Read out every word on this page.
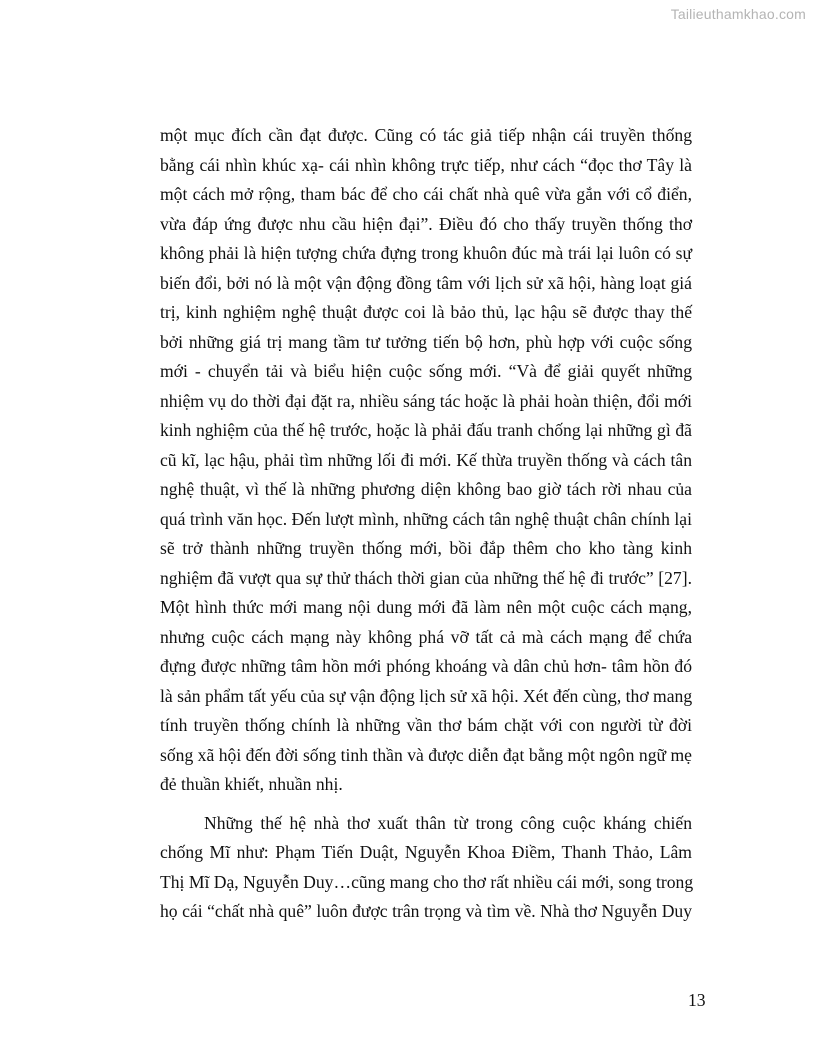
Tailieuthamkhao.com
một mục đích cần đạt được. Cũng có tác giả tiếp nhận cái truyền thống
bằng cái nhìn khúc xạ- cái nhìn không trực tiếp, như cách “đọc thơ Tây là
một cách mở rộng, tham bác để cho cái chất nhà quê vừa gắn với cổ điển,
vừa đáp ứng được nhu cầu hiện đại”. Điều đó cho thấy truyền thống thơ
không phải là hiện tượng chứa đựng trong khuôn đúc mà trái lại luôn có sự
biến đổi, bởi nó là một vận động đồng tâm với lịch sử xã hội, hàng loạt giá
trị, kinh nghiệm nghệ thuật được coi là bảo thủ, lạc hậu sẽ được thay thế
bởi những giá trị mang tầm tư tưởng tiến bộ hơn, phù hợp với cuộc sống
mới - chuyển tải và biểu hiện cuộc sống mới. “Và để giải quyết những
nhiệm vụ do thời đại đặt ra, nhiều sáng tác hoặc là phải hoàn thiện, đổi mới
kinh nghiệm của thế hệ trước, hoặc là phải đấu tranh chống lại những gì đã
cũ kĩ, lạc hậu, phải tìm những lối đi mới. Kế thừa truyền thống và cách tân
nghệ thuật, vì thế là những phương diện không bao giờ tách rời nhau của
quá trình văn học. Đến lượt mình, những cách tân nghệ thuật chân chính lại
sẽ trở thành những truyền thống mới, bồi đắp thêm cho kho tàng kinh
nghiệm đã vượt qua sự thử thách thời gian của những thế hệ đi trước” [27].
Một hình thức mới mang nội dung mới đã làm nên một cuộc cách mạng,
nhưng cuộc cách mạng này không phá vỡ tất cả mà cách mạng để chứa
đựng được những tâm hồn mới phóng khoáng và dân chủ hơn- tâm hồn đó
là sản phẩm tất yếu của sự vận động lịch sử xã hội. Xét đến cùng, thơ mang
tính truyền thống chính là những vần thơ bám chặt với con người từ đời
sống xã hội đến đời sống tinh thần và được diễn đạt bằng một ngôn ngữ mẹ
đẻ thuần khiết, nhuần nhị.
Những thế hệ nhà thơ xuất thân từ trong công cuộc kháng chiến
chống Mĩ như: Phạm Tiến Duật, Nguyễn Khoa Điềm, Thanh Thảo, Lâm
Thị Mĩ Dạ, Nguyễn Duy…cũng mang cho thơ rất nhiều cái mới, song trong
họ cái “chất nhà quê” luôn được trân trọng và tìm về. Nhà thơ Nguyễn Duy
13
